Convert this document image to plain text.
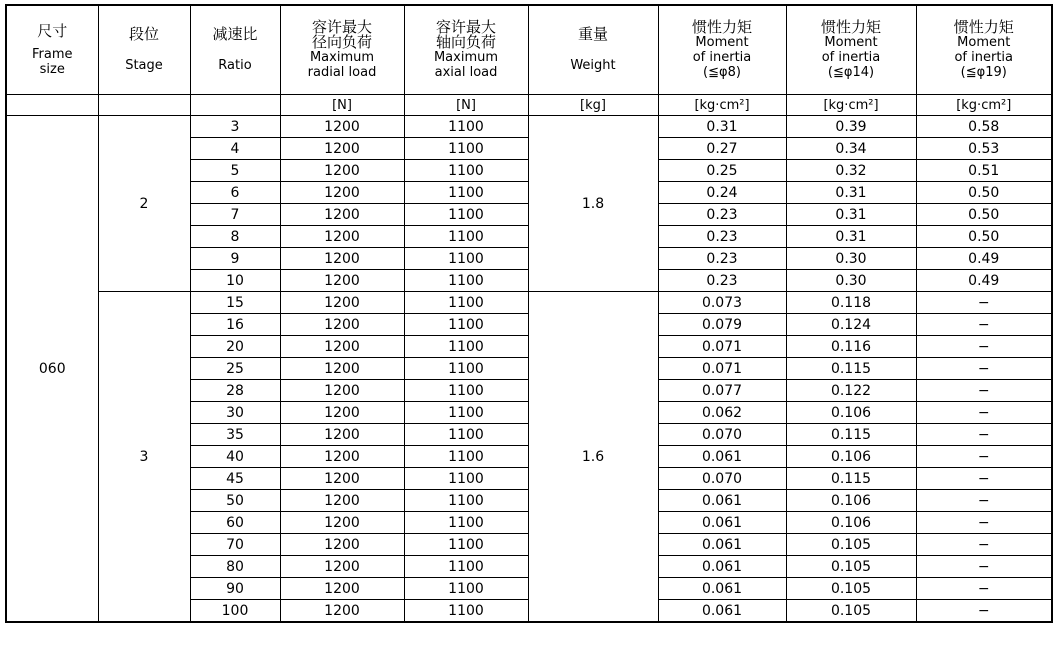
尺寸
Frame
size	段位
Stage	减速比
Ratio	容许最大
径向负荷
Maximum
radial load	容许最大
轴向负荷
Maximum
axial load	重量
Weight	惯性力矩
Moment
of inertia
(≦φ8)	惯性力矩
Moment
of inertia
(≦φ14)	惯性力矩
Moment
of inertia
(≦φ19)

			[N]	[N]	[kg]	[kg·cm²]	[kg·cm²]	[kg·cm²]
060	2	3	1200	1100	1.8	0.31	0.39	0.58
		4	1200	1100		0.27	0.34	0.53
		5	1200	1100		0.25	0.32	0.51
		6	1200	1100		0.24	0.31	0.50
		7	1200	1100		0.23	0.31	0.50
		8	1200	1100		0.23	0.31	0.50
		9	1200	1100		0.23	0.30	0.49
		10	1200	1100		0.23	0.30	0.49
	3	15	1200	1100	1.6	0.073	0.118	−
		16	1200	1100		0.079	0.124	−
		20	1200	1100		0.071	0.116	−
		25	1200	1100		0.071	0.115	−
		28	1200	1100		0.077	0.122	−
		30	1200	1100		0.062	0.106	−
		35	1200	1100		0.070	0.115	−
		40	1200	1100		0.061	0.106	−
		45	1200	1100		0.070	0.115	−
		50	1200	1100		0.061	0.106	−
		60	1200	1100		0.061	0.106	−
		70	1200	1100		0.061	0.105	−
		80	1200	1100		0.061	0.105	−
		90	1200	1100		0.061	0.105	−
		100	1200	1100		0.061	0.105	−
